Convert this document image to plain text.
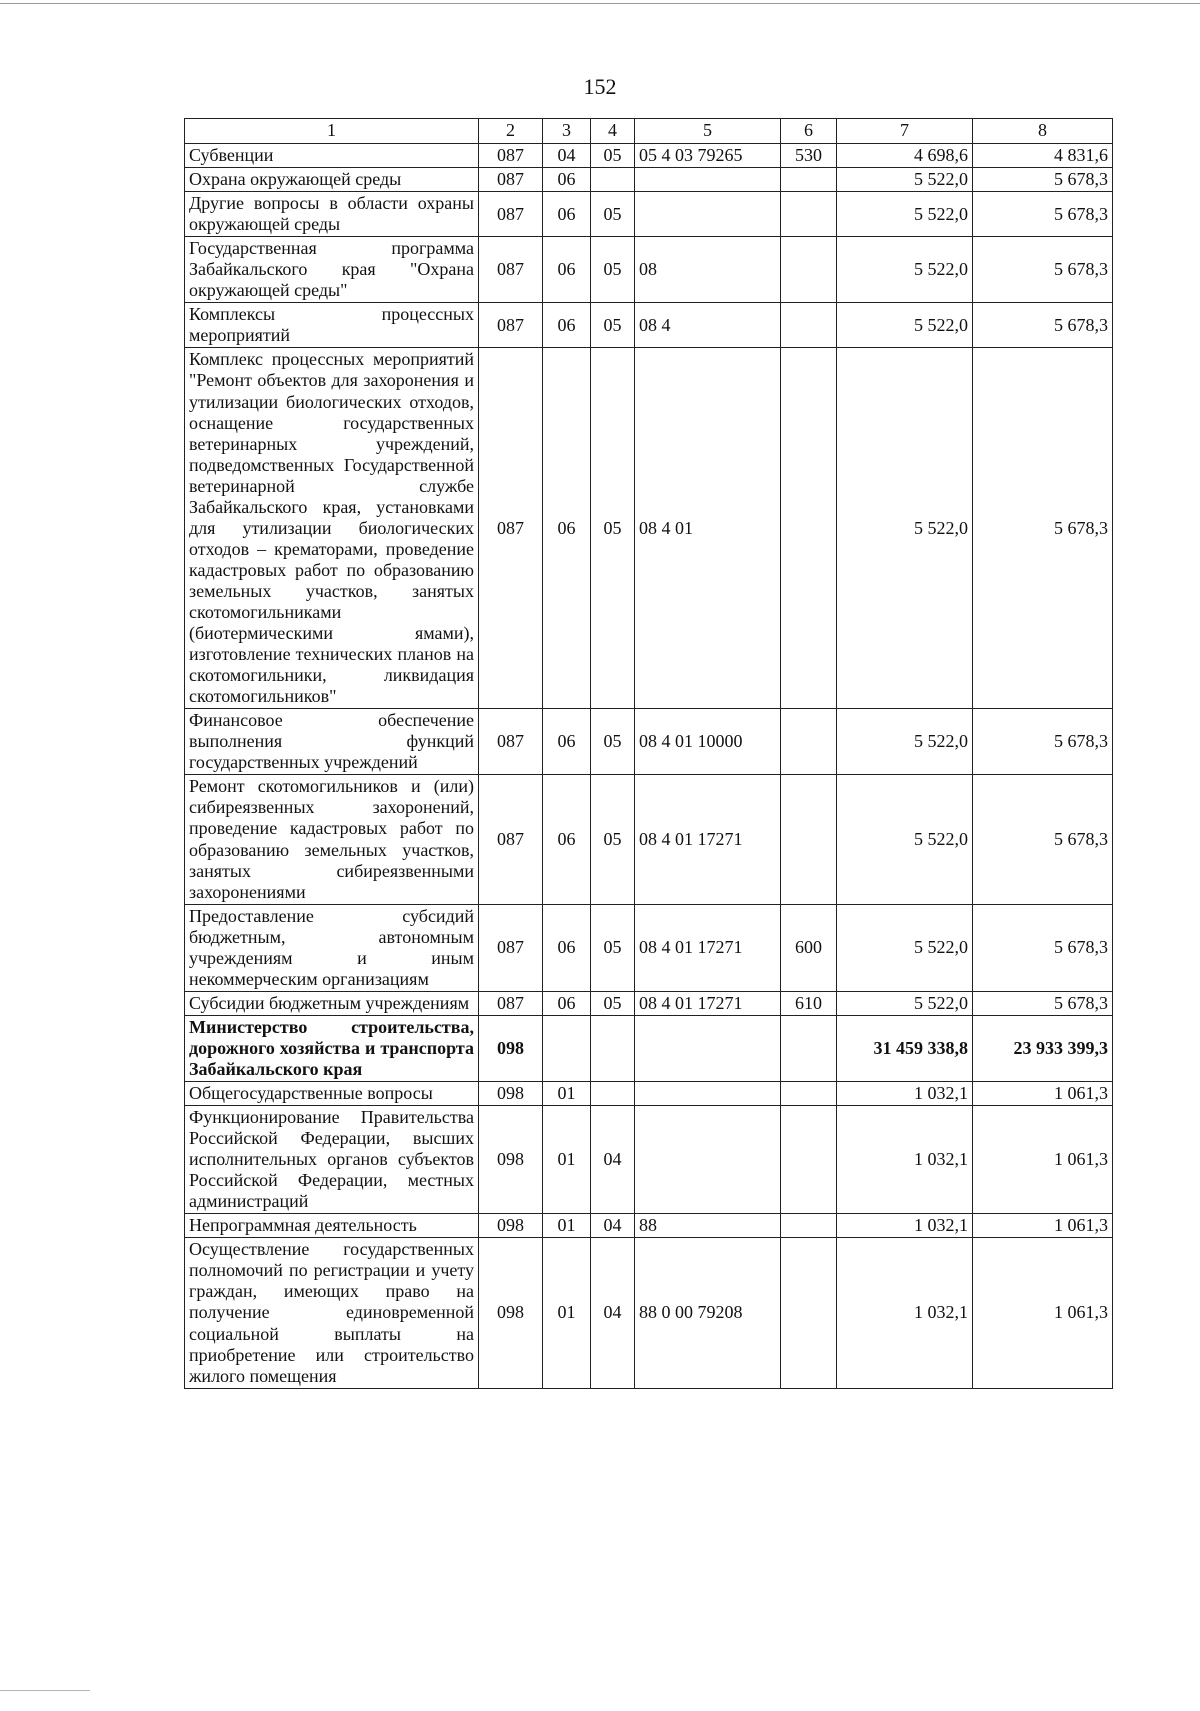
152
1	2	3	4	5	6	7	8
Субвенции	087	04	05	05 4 03 79265	530	4 698,6	4 831,6
Охрана окружающей среды	087	06				5 522,0	5 678,3
Другие вопросы в области охраны окружающей среды	087	06	05			5 522,0	5 678,3
Государственная программа Забайкальского края "Охрана окружающей среды"	087	06	05	08		5 522,0	5 678,3
Комплексы процессных мероприятий	087	06	05	08 4		5 522,0	5 678,3
Комплекс процессных мероприятий "Ремонт объектов для захоронения и утилизации биологических отходов, оснащение государственных ветеринарных учреждений, подведомственных Государственной ветеринарной службе Забайкальского края, установками для утилизации биологических отходов – крематорами, проведение кадастровых работ по образованию земельных участков, занятых скотомогильниками (биотермическими ямами), изготовление технических планов на скотомогильники, ликвидация скотомогильников"	087	06	05	08 4 01		5 522,0	5 678,3
Финансовое обеспечение выполнения функций государственных учреждений	087	06	05	08 4 01 10000		5 522,0	5 678,3
Ремонт скотомогильников и (или) сибиреязвенных захоронений, проведение кадастровых работ по образованию земельных участков, занятых сибиреязвенными захоронениями	087	06	05	08 4 01 17271		5 522,0	5 678,3
Предоставление субсидий бюджетным, автономным учреждениям и иным некоммерческим организациям	087	06	05	08 4 01 17271	600	5 522,0	5 678,3
Субсидии бюджетным учреждениям	087	06	05	08 4 01 17271	610	5 522,0	5 678,3
Министерство строительства, дорожного хозяйства и транспорта Забайкальского края	098					31 459 338,8	23 933 399,3
Общегосударственные вопросы	098	01				1 032,1	1 061,3
Функционирование Правительства Российской Федерации, высших исполнительных органов субъектов Российской Федерации, местных администраций	098	01	04			1 032,1	1 061,3
Непрограммная деятельность	098	01	04	88		1 032,1	1 061,3
Осуществление государственных полномочий по регистрации и учету граждан, имеющих право на получение единовременной социальной выплаты на приобретение или строительство жилого помещения	098	01	04	88 0 00 79208		1 032,1	1 061,3
